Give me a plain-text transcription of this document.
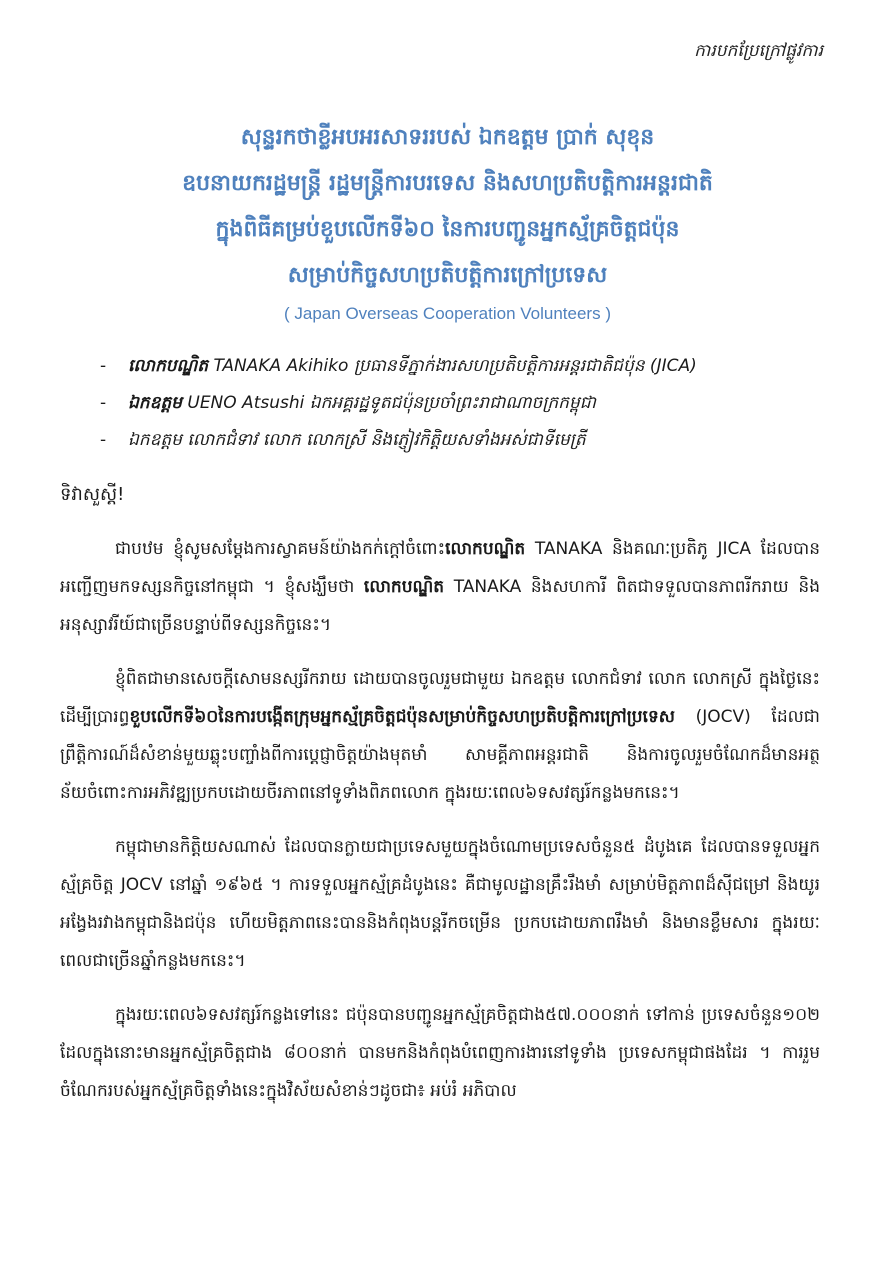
ការបកប្រែក្រៅផ្លូវការ
សុន្ទរកថាខ្លីអបអរសាទររបស់ ឯកឧត្តម ប្រាក់ សុខុន
ឧបនាយករដ្ឋមន្ត្រី រដ្ឋមន្ត្រីការបរទេស និងសហប្រតិបត្តិការអន្តរជាតិ
ក្នុងពិធីគម្រប់ខួបលើកទី៦០ នៃការបញ្ជូនអ្នកស្ម័គ្រចិត្តជប៉ុន
សម្រាប់កិច្ចសហប្រតិបត្តិការក្រៅប្រទេស
( Japan Overseas Cooperation Volunteers )
- លោកបណ្ឌិត TANAKA Akihiko ប្រធានទីភ្នាក់ងារសហប្រតិបត្តិការអន្តរជាតិជប៉ុន (JICA)
- ឯកឧត្តម UENO Atsushi ឯកអគ្គរដ្ឋទូតជប៉ុនប្រចាំព្រះរាជាណាចក្រកម្ពុជា
- ឯកឧត្តម លោកជំទាវ លោក លោកស្រី និងភ្ញៀវកិត្តិយសទាំងអស់ជាទីមេត្រី
ទិវាសួស្តី!

ជាបឋម ខ្ញុំសូមសម្តែងការស្វាគមន៍យ៉ាងកក់ក្តៅចំពោះលោកបណ្ឌិត TANAKA និងគណៈប្រតិភូ JICA ដែលបានអញ្ជើញមកទស្សនកិច្ចនៅកម្ពុជា ។ ខ្ញុំសង្ឃឹមថា លោកបណ្ឌិត TANAKA និងសហការី ពិតជាទទួលបានភាពរីករាយ និងអនុស្សាវរីយ៍ជាច្រើនបន្ទាប់ពីទស្សនកិច្ចនេះ។

ខ្ញុំពិតជាមានសេចក្តីសោមនស្សរីករាយ ដោយបានចូលរួមជាមួយ ឯកឧត្តម លោកជំទាវ លោក លោកស្រី ក្នុងថ្ងៃនេះ ដើម្បីប្រារព្ធខួបលើកទី៦០នៃការបង្កើតក្រុមអ្នកស្ម័គ្រចិត្តជប៉ុនសម្រាប់កិច្ចសហប្រតិបត្តិការក្រៅប្រទេស (JOCV) ដែលជាព្រឹត្តិការណ៍ដ៏សំខាន់មួយឆ្លុះបញ្ចាំងពីការប្តេជ្ញាចិត្តយ៉ាងមុតមាំ សាមគ្គីភាពអន្តរជាតិ និងការចូលរួមចំណែកដ៏មានអត្ថន័យចំពោះការអភិវឌ្ឍប្រកបដោយចីរភាពនៅទូទាំងពិភពលោក ក្នុងរយៈពេល៦ទសវត្សរ៍កន្លងមកនេះ។

កម្ពុជាមានកិត្តិយសណាស់ ដែលបានក្លាយជាប្រទេសមួយក្នុងចំណោមប្រទេសចំនួន៥ ដំបូងគេ ដែលបានទទួលអ្នកស្ម័គ្រចិត្ត JOCV នៅឆ្នាំ ១៩៦៥ ។ ការទទួលអ្នកស្ម័គ្រដំបូងនេះ គឺជាមូលដ្ឋានគ្រឹះរឹងមាំ សម្រាប់មិត្តភាពដ៏ស៊ីជម្រៅ និងយូរអង្វែងរវាងកម្ពុជានិងជប៉ុន ហើយមិត្តភាពនេះបាននិងកំពុងបន្តរីកចម្រើន ប្រកបដោយភាពរឹងមាំ និងមានខ្លឹមសារ ក្នុងរយៈពេលជាច្រើនឆ្នាំកន្លងមកនេះ។

ក្នុងរយៈពេល៦ទសវត្សរ៍កន្លងទៅនេះ ជប៉ុនបានបញ្ជូនអ្នកស្ម័គ្រចិត្តជាង៥៧.០០០នាក់ ទៅកាន់ ប្រទេសចំនួន១០២ ដែលក្នុងនោះមានអ្នកស្ម័គ្រចិត្តជាង ៨០០នាក់ បានមកនិងកំពុងបំពេញការងារនៅទូទាំង ប្រទេសកម្ពុជាផងដែរ ។ ការរួមចំណែករបស់អ្នកស្ម័គ្រចិត្តទាំងនេះក្នុងវិស័យសំខាន់ៗដូចជា៖ អប់រំ អភិបាល
